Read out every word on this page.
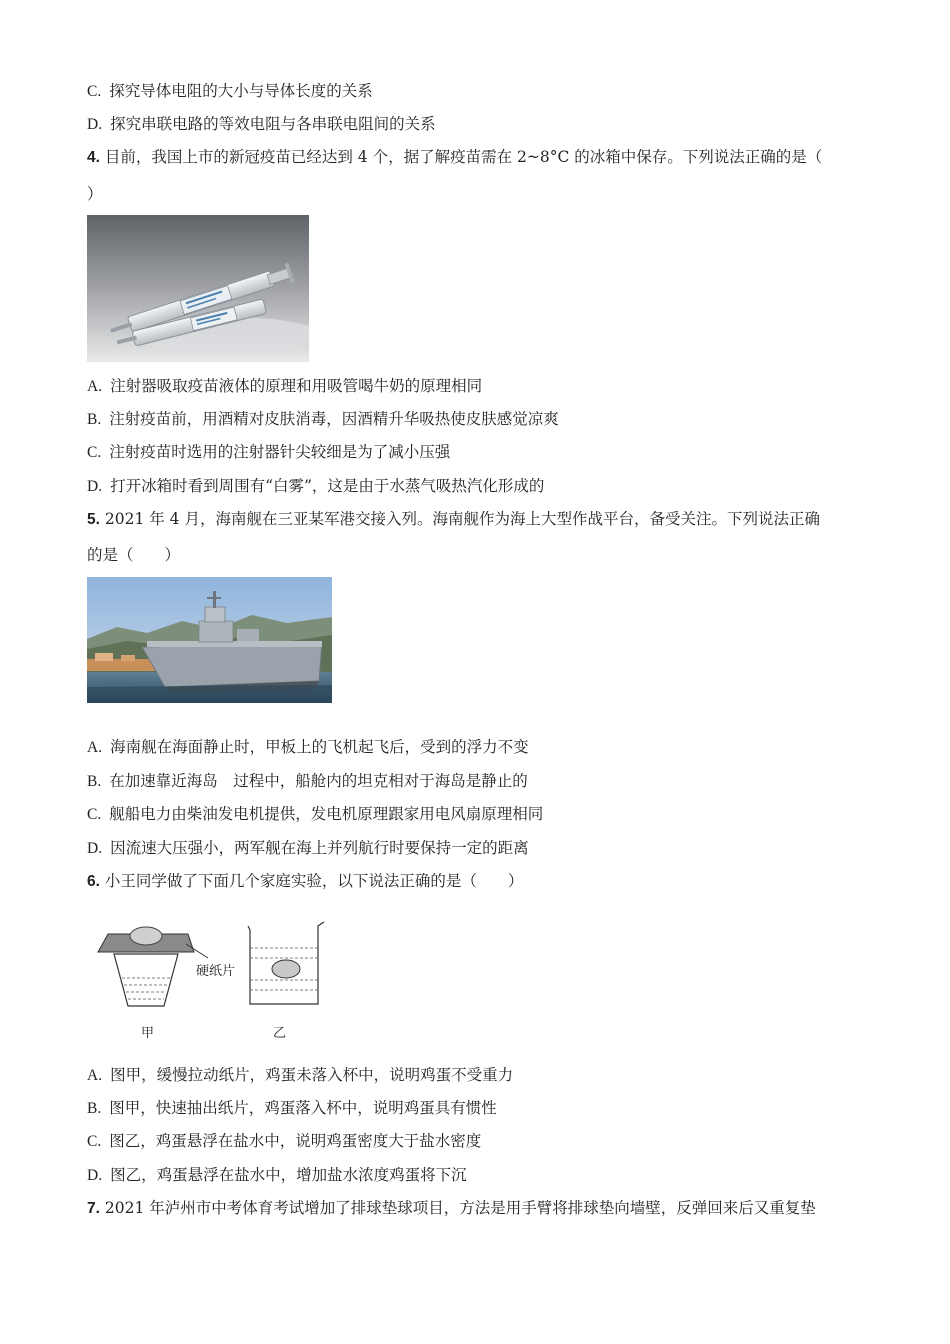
C. 探究导体电阻的大小与导体长度的关系
D. 探究串联电路的等效电阻与各串联电阻间的关系
4. 目前，我国上市的新冠疫苗已经达到 4 个，据了解疫苗需在 2~8°C 的冰箱中保存。下列说法正确的是（
）
A. 注射器吸取疫苗液体的原理和用吸管喝牛奶的原理相同
B. 注射疫苗前，用酒精对皮肤消毒，因酒精升华吸热使皮肤感觉凉爽
C. 注射疫苗时选用的注射器针尖较细是为了减小压强
D. 打开冰箱时看到周围有“白雾”，这是由于水蒸气吸热汽化形成的
5. 2021 年 4 月，海南舰在三亚某军港交接入列。海南舰作为海上大型作战平台，备受关注。下列说法正确
的是（　　）
A. 海南舰在海面静止时，甲板上的飞机起飞后，受到的浮力不变
B. 在加速靠近海岛　过程中，船舱内的坦克相对于海岛是静止的
C. 舰船电力由柴油发电机提供，发电机原理跟家用电风扇原理相同
D. 因流速大压强小，两军舰在海上并列航行时要保持一定的距离
6. 小王同学做了下面几个家庭实验，以下说法正确的是（　　）
硬纸片
甲	乙
A. 图甲，缓慢拉动纸片，鸡蛋未落入杯中，说明鸡蛋不受重力
B. 图甲，快速抽出纸片，鸡蛋落入杯中，说明鸡蛋具有惯性
C. 图乙，鸡蛋悬浮在盐水中，说明鸡蛋密度大于盐水密度
D. 图乙，鸡蛋悬浮在盐水中，增加盐水浓度鸡蛋将下沉
7. 2021 年泸州市中考体育考试增加了排球垫球项目，方法是用手臂将排球垫向墙壁，反弹回来后又重复垫
